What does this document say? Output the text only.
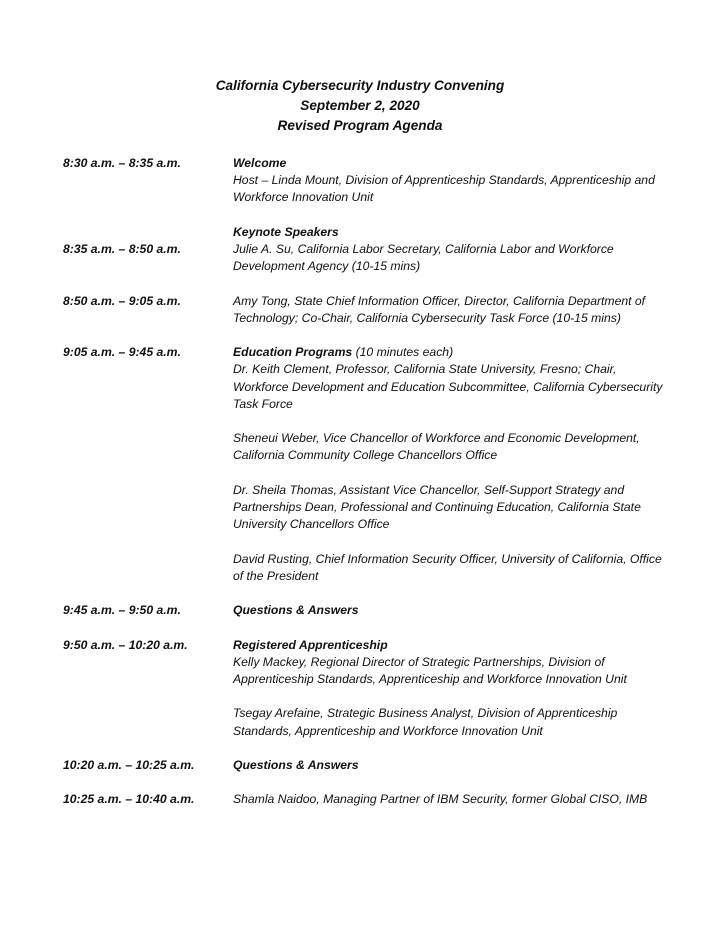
California Cybersecurity Industry Convening
September 2, 2020
Revised Program Agenda
8:30 a.m. – 8:35 a.m.	Welcome

Host – Linda Mount, Division of Apprenticeship Standards, Apprenticeship and Workforce Innovation Unit

Keynote Speakers
8:35 a.m. – 8:50 a.m.	Julie A. Su, California Labor Secretary, California Labor and Workforce Development Agency (10-15 mins)

8:50 a.m. – 9:05 a.m.	Amy Tong, State Chief Information Officer, Director, California Department of Technology; Co-Chair, California Cybersecurity Task Force (10-15 mins)

9:05 a.m. – 9:45 a.m.	Education Programs (10 minutes each)

Dr. Keith Clement, Professor, California State University, Fresno; Chair, Workforce Development and Education Subcommittee, California Cybersecurity Task Force

Sheneui Weber, Vice Chancellor of Workforce and Economic Development, California Community College Chancellors Office

Dr. Sheila Thomas, Assistant Vice Chancellor, Self-Support Strategy and Partnerships Dean, Professional and Continuing Education, California State University Chancellors Office

David Rusting, Chief Information Security Officer, University of California, Office of the President

9:45 a.m. – 9:50 a.m.	Questions & Answers
9:50 a.m. – 10:20 a.m.	Registered Apprenticeship

Kelly Mackey, Regional Director of Strategic Partnerships, Division of Apprenticeship Standards, Apprenticeship and Workforce Innovation Unit

Tsegay Arefaine, Strategic Business Analyst, Division of Apprenticeship Standards, Apprenticeship and Workforce Innovation Unit

10:20 a.m. – 10:25 a.m.	Questions & Answers
10:25 a.m. – 10:40 a.m.	Shamla Naidoo, Managing Partner of IBM Security, former Global CISO, IMB
